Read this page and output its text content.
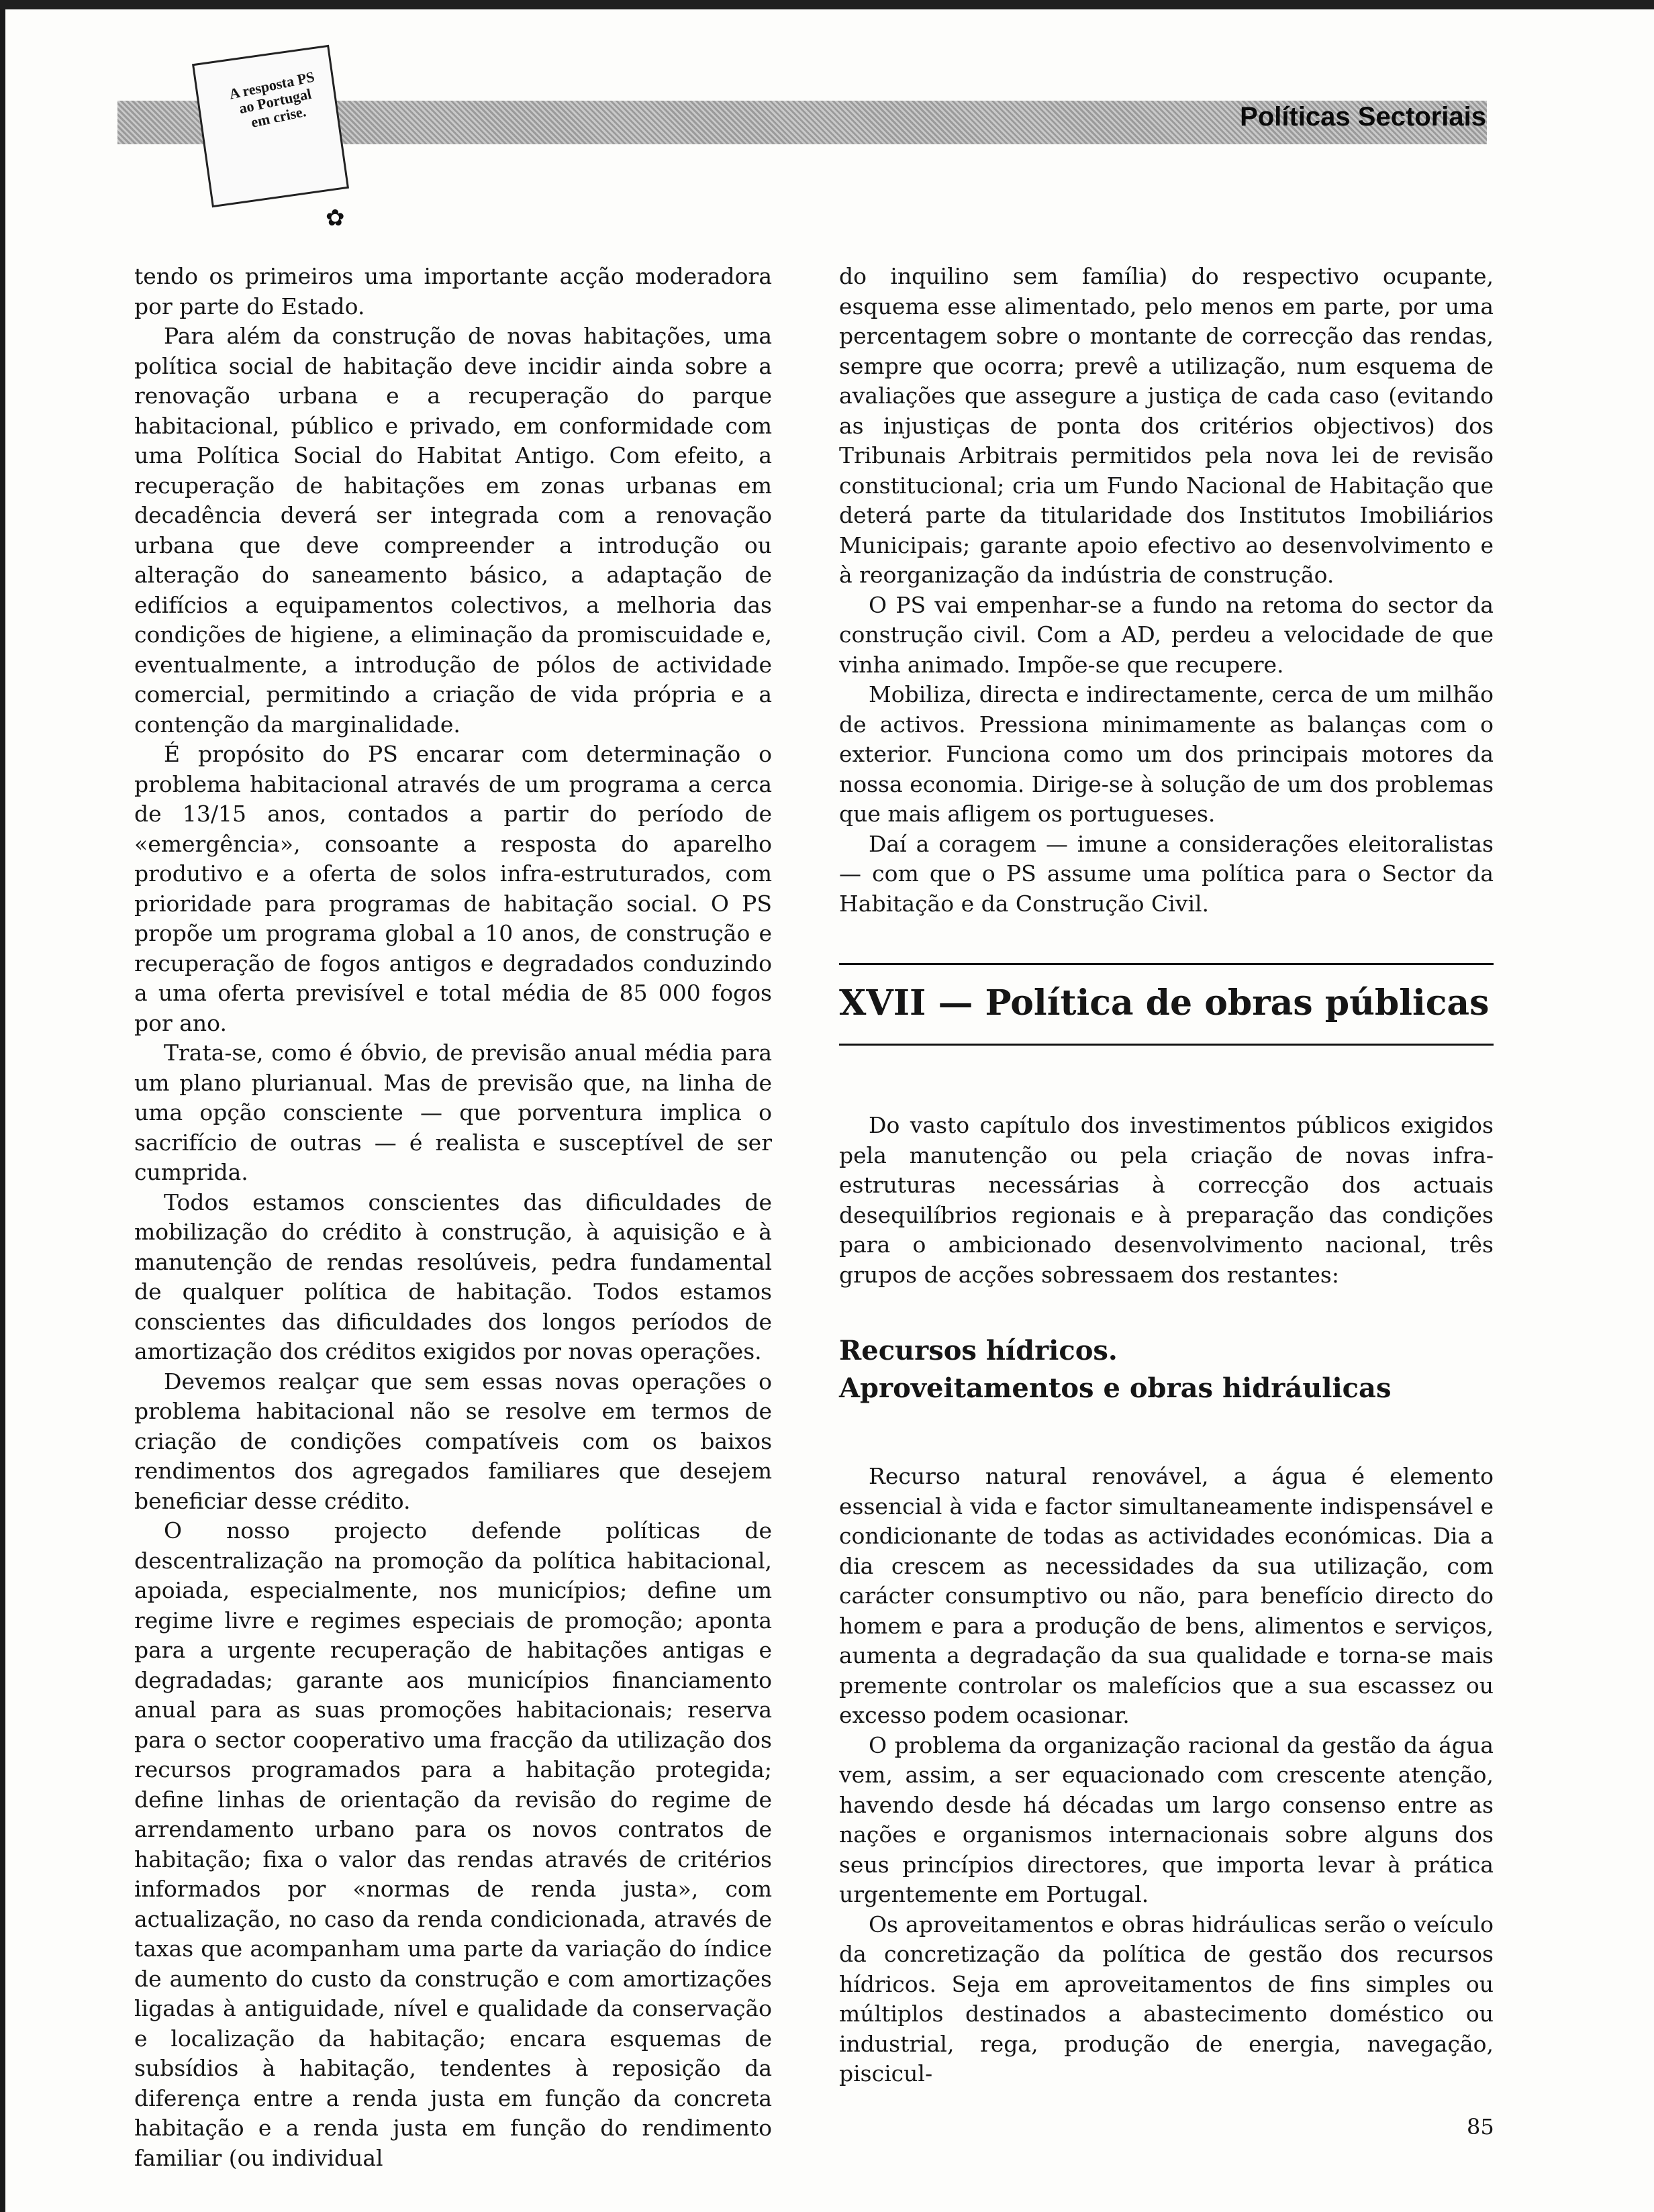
A resposta PS ao Portugal em crise.
✿
Políticas Sectoriais

tendo os primeiros uma importante acção moderadora por parte do Estado.

Para além da construção de novas habitações, uma política social de habitação deve incidir ainda sobre a renovação urbana e a recuperação do parque habitacional, público e privado, em conformidade com uma Política Social do Habitat Antigo. Com efeito, a recuperação de habitações em zonas urbanas em decadência deverá ser integrada com a renovação urbana que deve compreender a introdução ou alteração do saneamento básico, a adaptação de edifícios a equipamentos colectivos, a melhoria das condições de higiene, a eliminação da promiscuidade e, eventualmente, a introdução de pólos de actividade comercial, permitindo a criação de vida própria e a contenção da marginalidade.

É propósito do PS encarar com determinação o problema habitacional através de um programa a cerca de 13/15 anos, contados a partir do período de «emergência», consoante a resposta do aparelho produtivo e a oferta de solos infra-estruturados, com prioridade para programas de habitação social. O PS propõe um programa global a 10 anos, de construção e recuperação de fogos antigos e degradados conduzindo a uma oferta previsível e total média de 85 000 fogos por ano.

Trata-se, como é óbvio, de previsão anual média para um plano plurianual. Mas de previsão que, na linha de uma opção consciente — que porventura implica o sacrifício de outras — é realista e susceptível de ser cumprida.

Todos estamos conscientes das dificuldades de mobilização do crédito à construção, à aquisição e à manutenção de rendas resolúveis, pedra fundamental de qualquer política de habitação. Todos estamos conscientes das dificuldades dos longos períodos de amortização dos créditos exigidos por novas operações.

Devemos realçar que sem essas novas operações o problema habitacional não se resolve em termos de criação de condições compatíveis com os baixos rendimentos dos agregados familiares que desejem beneficiar desse crédito.

O nosso projecto defende políticas de descentralização na promoção da política habitacional, apoiada, especialmente, nos municípios; define um regime livre e regimes especiais de promoção; aponta para a urgente recuperação de habitações antigas e degradadas; garante aos municípios financiamento anual para as suas promoções habitacionais; reserva para o sector cooperativo uma fracção da utilização dos recursos programados para a habitação protegida; define linhas de orientação da revisão do regime de arrendamento urbano para os novos contratos de habitação; fixa o valor das rendas através de critérios informados por «normas de renda justa», com actualização, no caso da renda condicionada, através de taxas que acompanham uma parte da variação do índice de aumento do custo da construção e com amortizações ligadas à antiguidade, nível e qualidade da conservação e localização da habitação; encara esquemas de subsídios à habitação, tendentes à reposição da diferença entre a renda justa em função da concreta habitação e a renda justa em função do rendimento familiar (ou individual

do inquilino sem família) do respectivo ocupante, esquema esse alimentado, pelo menos em parte, por uma percentagem sobre o montante de correcção das rendas, sempre que ocorra; prevê a utilização, num esquema de avaliações que assegure a justiça de cada caso (evitando as injustiças de ponta dos critérios objectivos) dos Tribunais Arbitrais permitidos pela nova lei de revisão constitucional; cria um Fundo Nacional de Habitação que deterá parte da titularidade dos Institutos Imobiliários Municipais; garante apoio efectivo ao desenvolvimento e à reorganização da indústria de construção.

O PS vai empenhar-se a fundo na retoma do sector da construção civil. Com a AD, perdeu a velocidade de que vinha animado. Impõe-se que recupere.

Mobiliza, directa e indirectamente, cerca de um milhão de activos. Pressiona minimamente as balanças com o exterior. Funciona como um dos principais motores da nossa economia. Dirige-se à solução de um dos problemas que mais afligem os portugueses.

Daí a coragem — imune a considerações eleitoralistas — com que o PS assume uma política para o Sector da Habitação e da Construção Civil.

XVII — Política de obras públicas

Do vasto capítulo dos investimentos públicos exigidos pela manutenção ou pela criação de novas infra-estruturas necessárias à correcção dos actuais desequilíbrios regionais e à preparação das condições para o ambicionado desenvolvimento nacional, três grupos de acções sobressaem dos restantes:

Recursos hídricos.
Aproveitamentos e obras hidráulicas

Recurso natural renovável, a água é elemento essencial à vida e factor simultaneamente indispensável e condicionante de todas as actividades económicas. Dia a dia crescem as necessidades da sua utilização, com carácter consumptivo ou não, para benefício directo do homem e para a produção de bens, alimentos e serviços, aumenta a degradação da sua qualidade e torna-se mais premente controlar os malefícios que a sua escassez ou excesso podem ocasionar.

O problema da organização racional da gestão da água vem, assim, a ser equacionado com crescente atenção, havendo desde há décadas um largo consenso entre as nações e organismos internacionais sobre alguns dos seus princípios directores, que importa levar à prática urgentemente em Portugal.

Os aproveitamentos e obras hidráulicas serão o veículo da concretização da política de gestão dos recursos hídricos. Seja em aproveitamentos de fins simples ou múltiplos destinados a abastecimento doméstico ou industrial, rega, produção de energia, navegação, piscicul-

85
